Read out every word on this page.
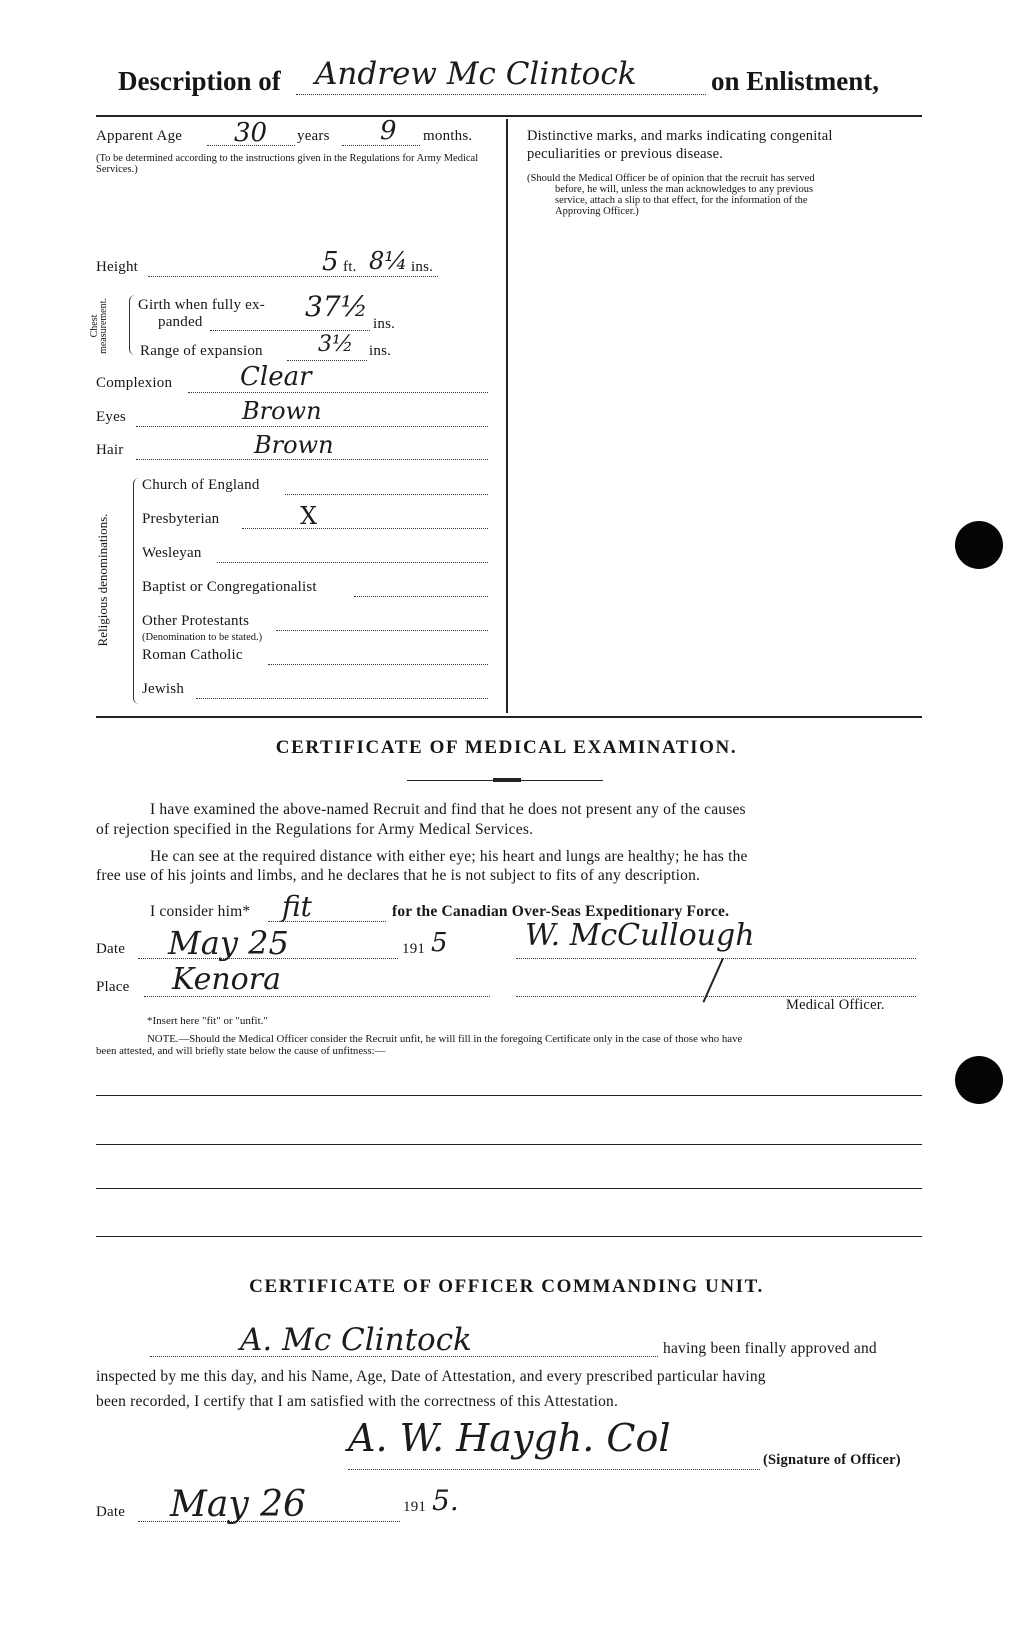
Description of Andrew Mc Clintock	on Enlistment,
Apparent Age 30 years 9 months.
(To be determined according to the instructions given in the Regulations for Army Medical Services.)
Height	5 ft. 8¼ ins.
Chest measurement. Girth when fully ex-
panded	37½
ins.
Range of expansion	3½ ins.
Complexion	Clear
Eyes	Brown
Hair	Brown
Religious denominations.
Church of England
Presbyterian	X
Wesleyan
Baptist or Congregationalist
Other Protestants
(Denomination to be stated.)
Roman Catholic
Jewish
Distinctive marks, and marks indicating congenital
peculiarities or previous disease.
(Should the Medical Officer be of opinion that the recruit has served
before, he will, unless the man acknowledges to any previous
service, attach a slip to that effect, for the information of the
Approving Officer.)
CERTIFICATE OF MEDICAL EXAMINATION.
I have examined the above-named Recruit and find that he does not present any of the causes
of rejection specified in the Regulations for Army Medical Services.
He can see at the required distance with either eye; his heart and lungs are healthy; he has the
free use of his joints and limbs, and he declares that he is not subject to fits of any description.
I consider him* fit	for the Canadian Over-Seas Expeditionary Force.
Date May 25	191 5	W. McCullough
Place Kenora
Medical Officer.
*Insert here "fit" or "unfit."
NOTE.—Should the Medical Officer consider the Recruit unfit, he will fill in the foregoing Certificate only in the case of those who have
been attested, and will briefly state below the cause of unfitness:—
CERTIFICATE OF OFFICER COMMANDING UNIT.
A. Mc Clintock	having been finally approved and
inspected by me this day, and his Name, Age, Date of Attestation, and every prescribed particular having
been recorded, I certify that I am satisfied with the correctness of this Attestation.
A. W. Haygh. Col	(Signature of Officer)
Date May 26	191 5.
